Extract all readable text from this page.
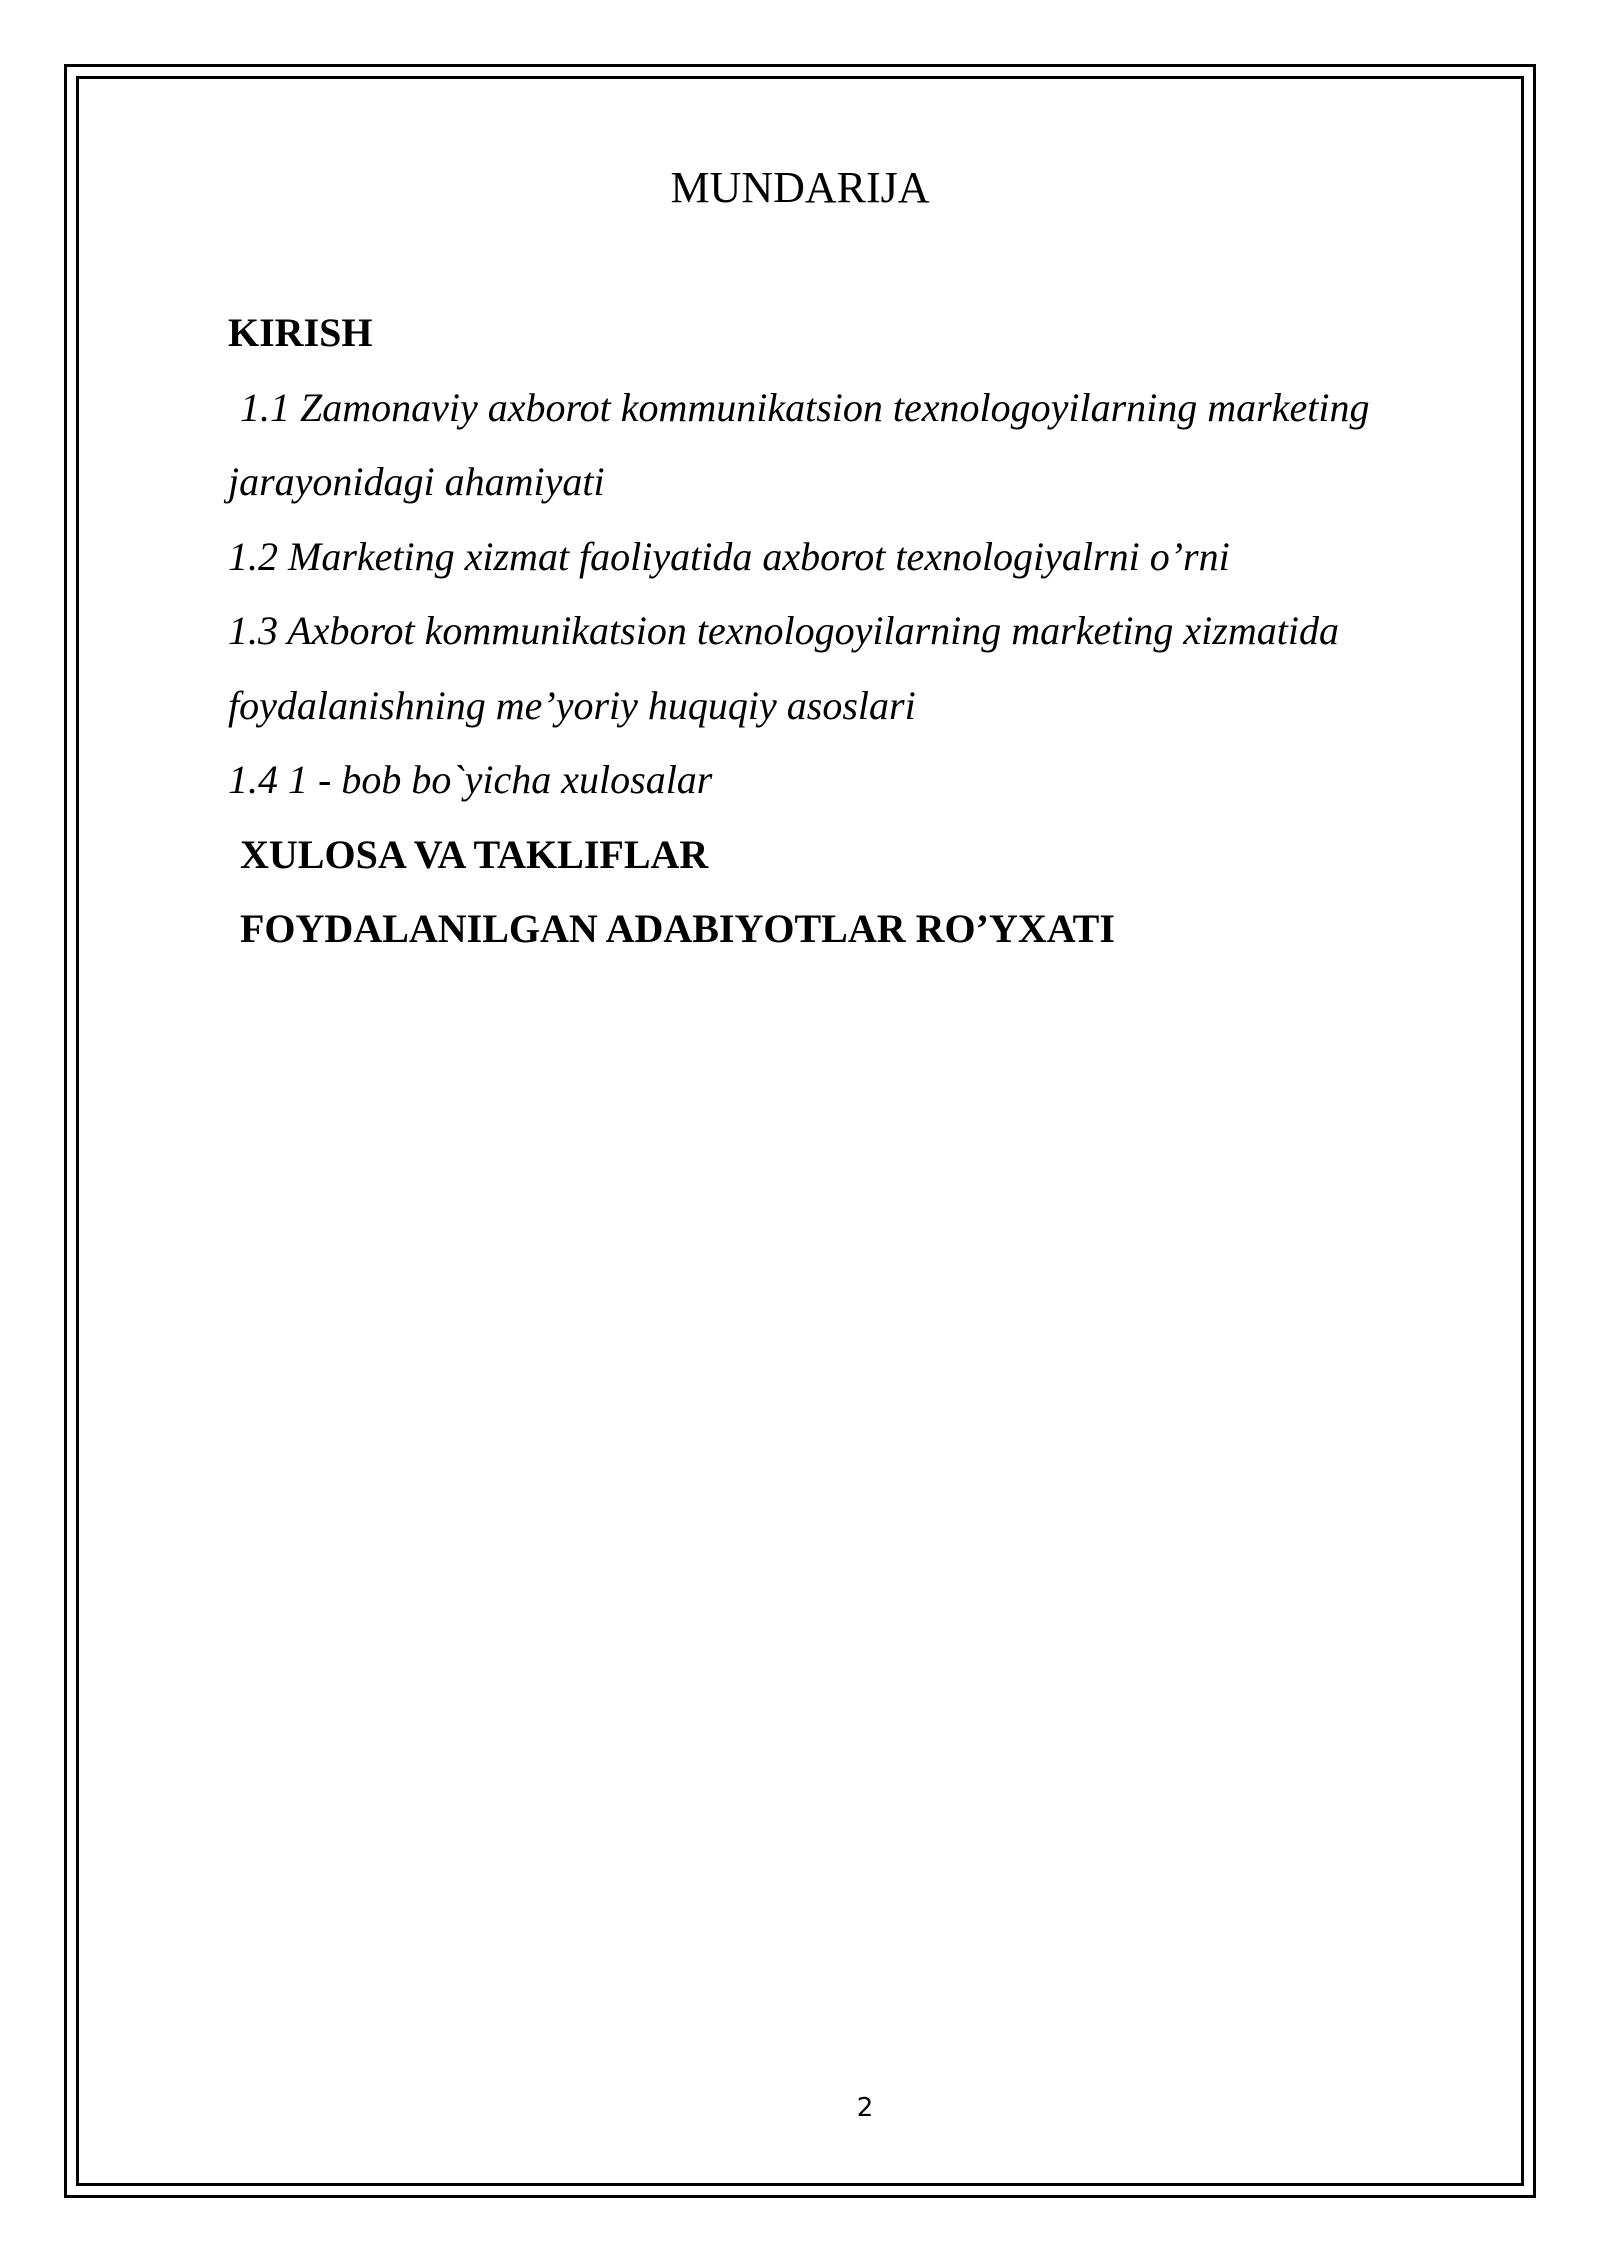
MUNDARIJA
KIRISH
1.1 Zamonaviy axborot kommunikatsion texnologoyilarning marketing
jarayonidagi ahamiyati
1.2 Marketing xizmat faoliyatida axborot texnologiyalrni o’rni
1.3 Axborot kommunikatsion texnologoyilarning marketing xizmatida
foydalanishning me’yoriy huquqiy asoslari
1.4 1 - bob bo`yicha xulosalar
XULOSA VA TAKLIFLAR
FOYDALANILGAN ADABIYOTLAR RO’YXATI
2
